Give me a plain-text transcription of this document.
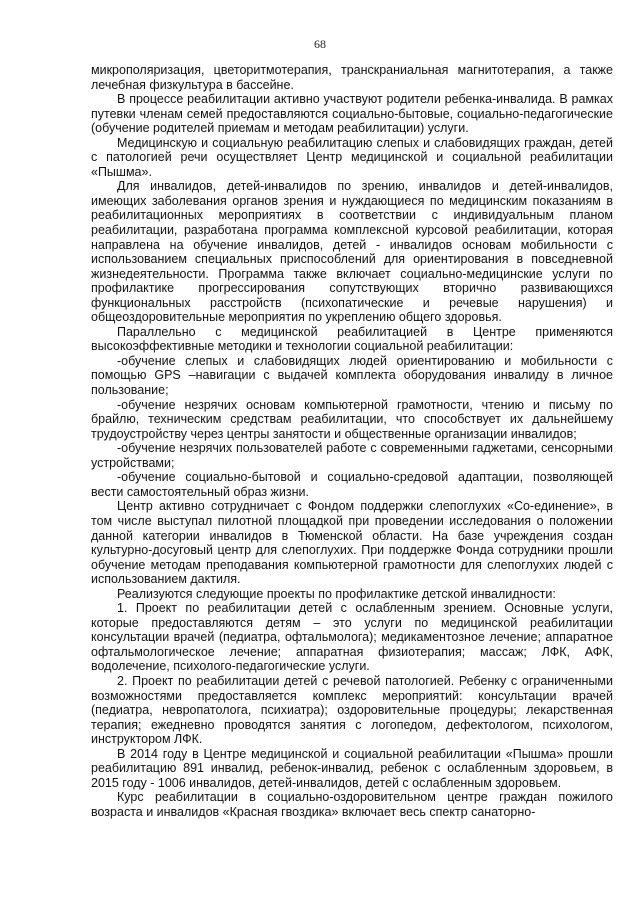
68

микрополяризация, цветоритмотерапия, транскраниальная магнитотерапия, а также лечебная физкультура в бассейне.

В процессе реабилитации активно участвуют родители ребенка-инвалида. В рамках путевки членам семей предоставляются социально-бытовые, социально-педагогические (обучение родителей приемам и методам реабилитации) услуги.

Медицинскую и социальную реабилитацию слепых и слабовидящих граждан, детей с патологией речи осуществляет Центр медицинской и социальной реабилитации «Пышма».

Для инвалидов, детей-инвалидов по зрению, инвалидов и детей-инвалидов, имеющих заболевания органов зрения и нуждающиеся по медицинским показаниям в реабилитационных мероприятиях в соответствии с индивидуальным планом реабилитации, разработана программа комплексной курсовой реабилитации, которая направлена на обучение инвалидов, детей - инвалидов основам мобильности с использованием специальных приспособлений для ориентирования в повседневной жизнедеятельности. Программа также включает социально-медицинские услуги по профилактике прогрессирования сопутствующих вторично развивающихся функциональных расстройств (психопатические и речевые нарушения) и общеоздоровительные мероприятия по укреплению общего здоровья.

Параллельно с медицинской реабилитацией в Центре применяются высокоэффективные методики и технологии социальной реабилитации:

-обучение слепых и слабовидящих людей ориентированию и мобильности с помощью GPS –навигации с выдачей комплекта оборудования инвалиду в личное пользование;

-обучение незрячих основам компьютерной грамотности, чтению и письму по брайлю, техническим средствам реабилитации, что способствует их дальнейшему трудоустройству через центры занятости и общественные организации инвалидов;

-обучение незрячих пользователей работе с современными гаджетами, сенсорными устройствами;

-обучение социально-бытовой и социально-средовой адаптации, позволяющей вести самостоятельный образ жизни.

Центр активно сотрудничает с Фондом поддержки слепоглухих «Со-единение», в том числе выступал пилотной площадкой при проведении исследования о положении данной категории инвалидов в Тюменской области. На базе учреждения создан культурно-досуговый центр для слепоглухих. При поддержке Фонда сотрудники прошли обучение методам преподавания компьютерной грамотности для слепоглухих людей с использованием дактиля.

Реализуются следующие проекты по профилактике детской инвалидности:

1. Проект по реабилитации детей с ослабленным зрением. Основные услуги, которые предоставляются детям – это услуги по медицинской реабилитации консультации врачей (педиатра, офтальмолога); медикаментозное лечение; аппаратное офтальмологическое лечение; аппаратная физиотерапия; массаж; ЛФК, АФК, водолечение, психолого-педагогические услуги.

2. Проект по реабилитации детей с речевой патологией. Ребенку с ограниченными возможностями предоставляется комплекс мероприятий: консультации врачей (педиатра, невропатолога, психиатра); оздоровительные процедуры; лекарственная терапия; ежедневно проводятся занятия с логопедом, дефектологом, психологом, инструктором ЛФК.

В 2014 году в Центре медицинской и социальной реабилитации «Пышма» прошли реабилитацию 891 инвалид, ребенок-инвалид, ребенок с ослабленным здоровьем, в 2015 году - 1006 инвалидов, детей-инвалидов, детей с ослабленным здоровьем.

Курс реабилитации в социально-оздоровительном центре граждан пожилого возраста и инвалидов «Красная гвоздика» включает весь спектр санаторно-
